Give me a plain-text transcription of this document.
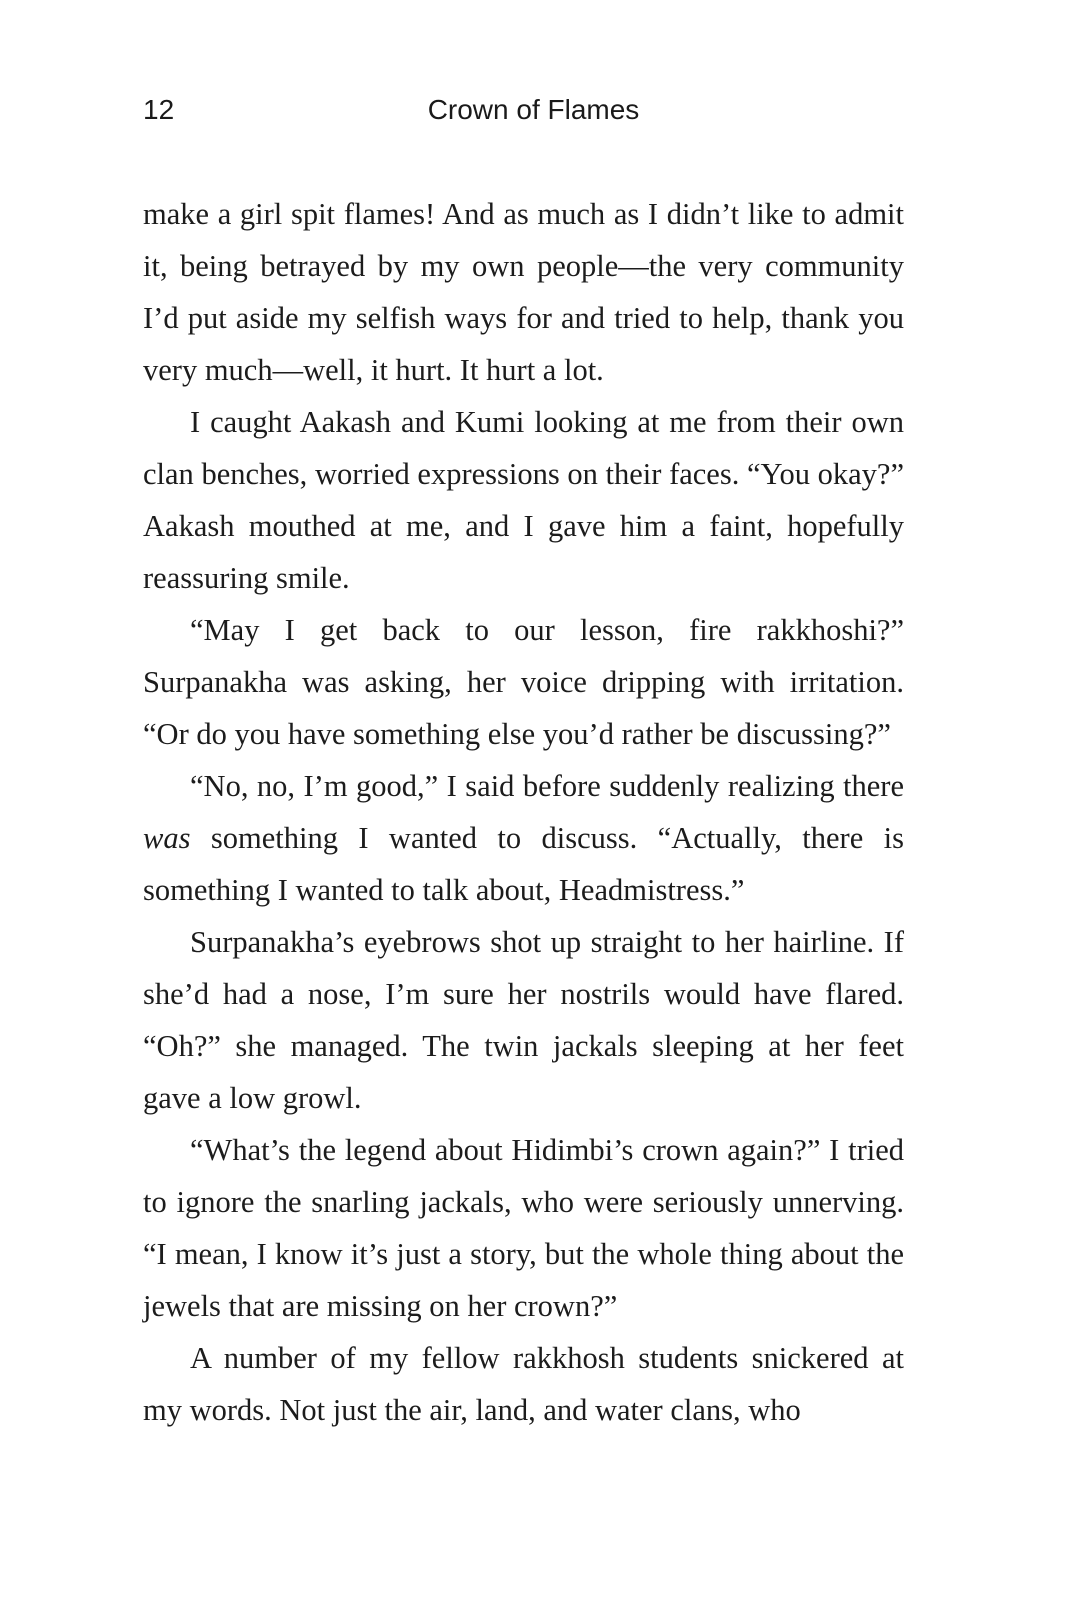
12	Crown of Flames

make a girl spit flames! And as much as I didn’t like to admit it, being betrayed by my own people—the very community I’d put aside my selfish ways for and tried to help, thank you very much—well, it hurt. It hurt a lot.

I caught Aakash and Kumi looking at me from their own clan benches, worried expressions on their faces. “You okay?” Aakash mouthed at me, and I gave him a faint, hopefully reassuring smile.

“May I get back to our lesson, fire rakkhoshi?” Surpanakha was asking, her voice dripping with irritation. “Or do you have something else you’d rather be discussing?”

“No, no, I’m good,” I said before suddenly realizing there was something I wanted to discuss. “Actually, there is something I wanted to talk about, Headmistress.”

Surpanakha’s eyebrows shot up straight to her hairline. If she’d had a nose, I’m sure her nostrils would have flared. “Oh?” she managed. The twin jackals sleeping at her feet gave a low growl.

“What’s the legend about Hidimbi’s crown again?” I tried to ignore the snarling jackals, who were seriously unnerving. “I mean, I know it’s just a story, but the whole thing about the jewels that are missing on her crown?”

A number of my fellow rakkhosh students snickered at my words. Not just the air, land, and water clans, who
